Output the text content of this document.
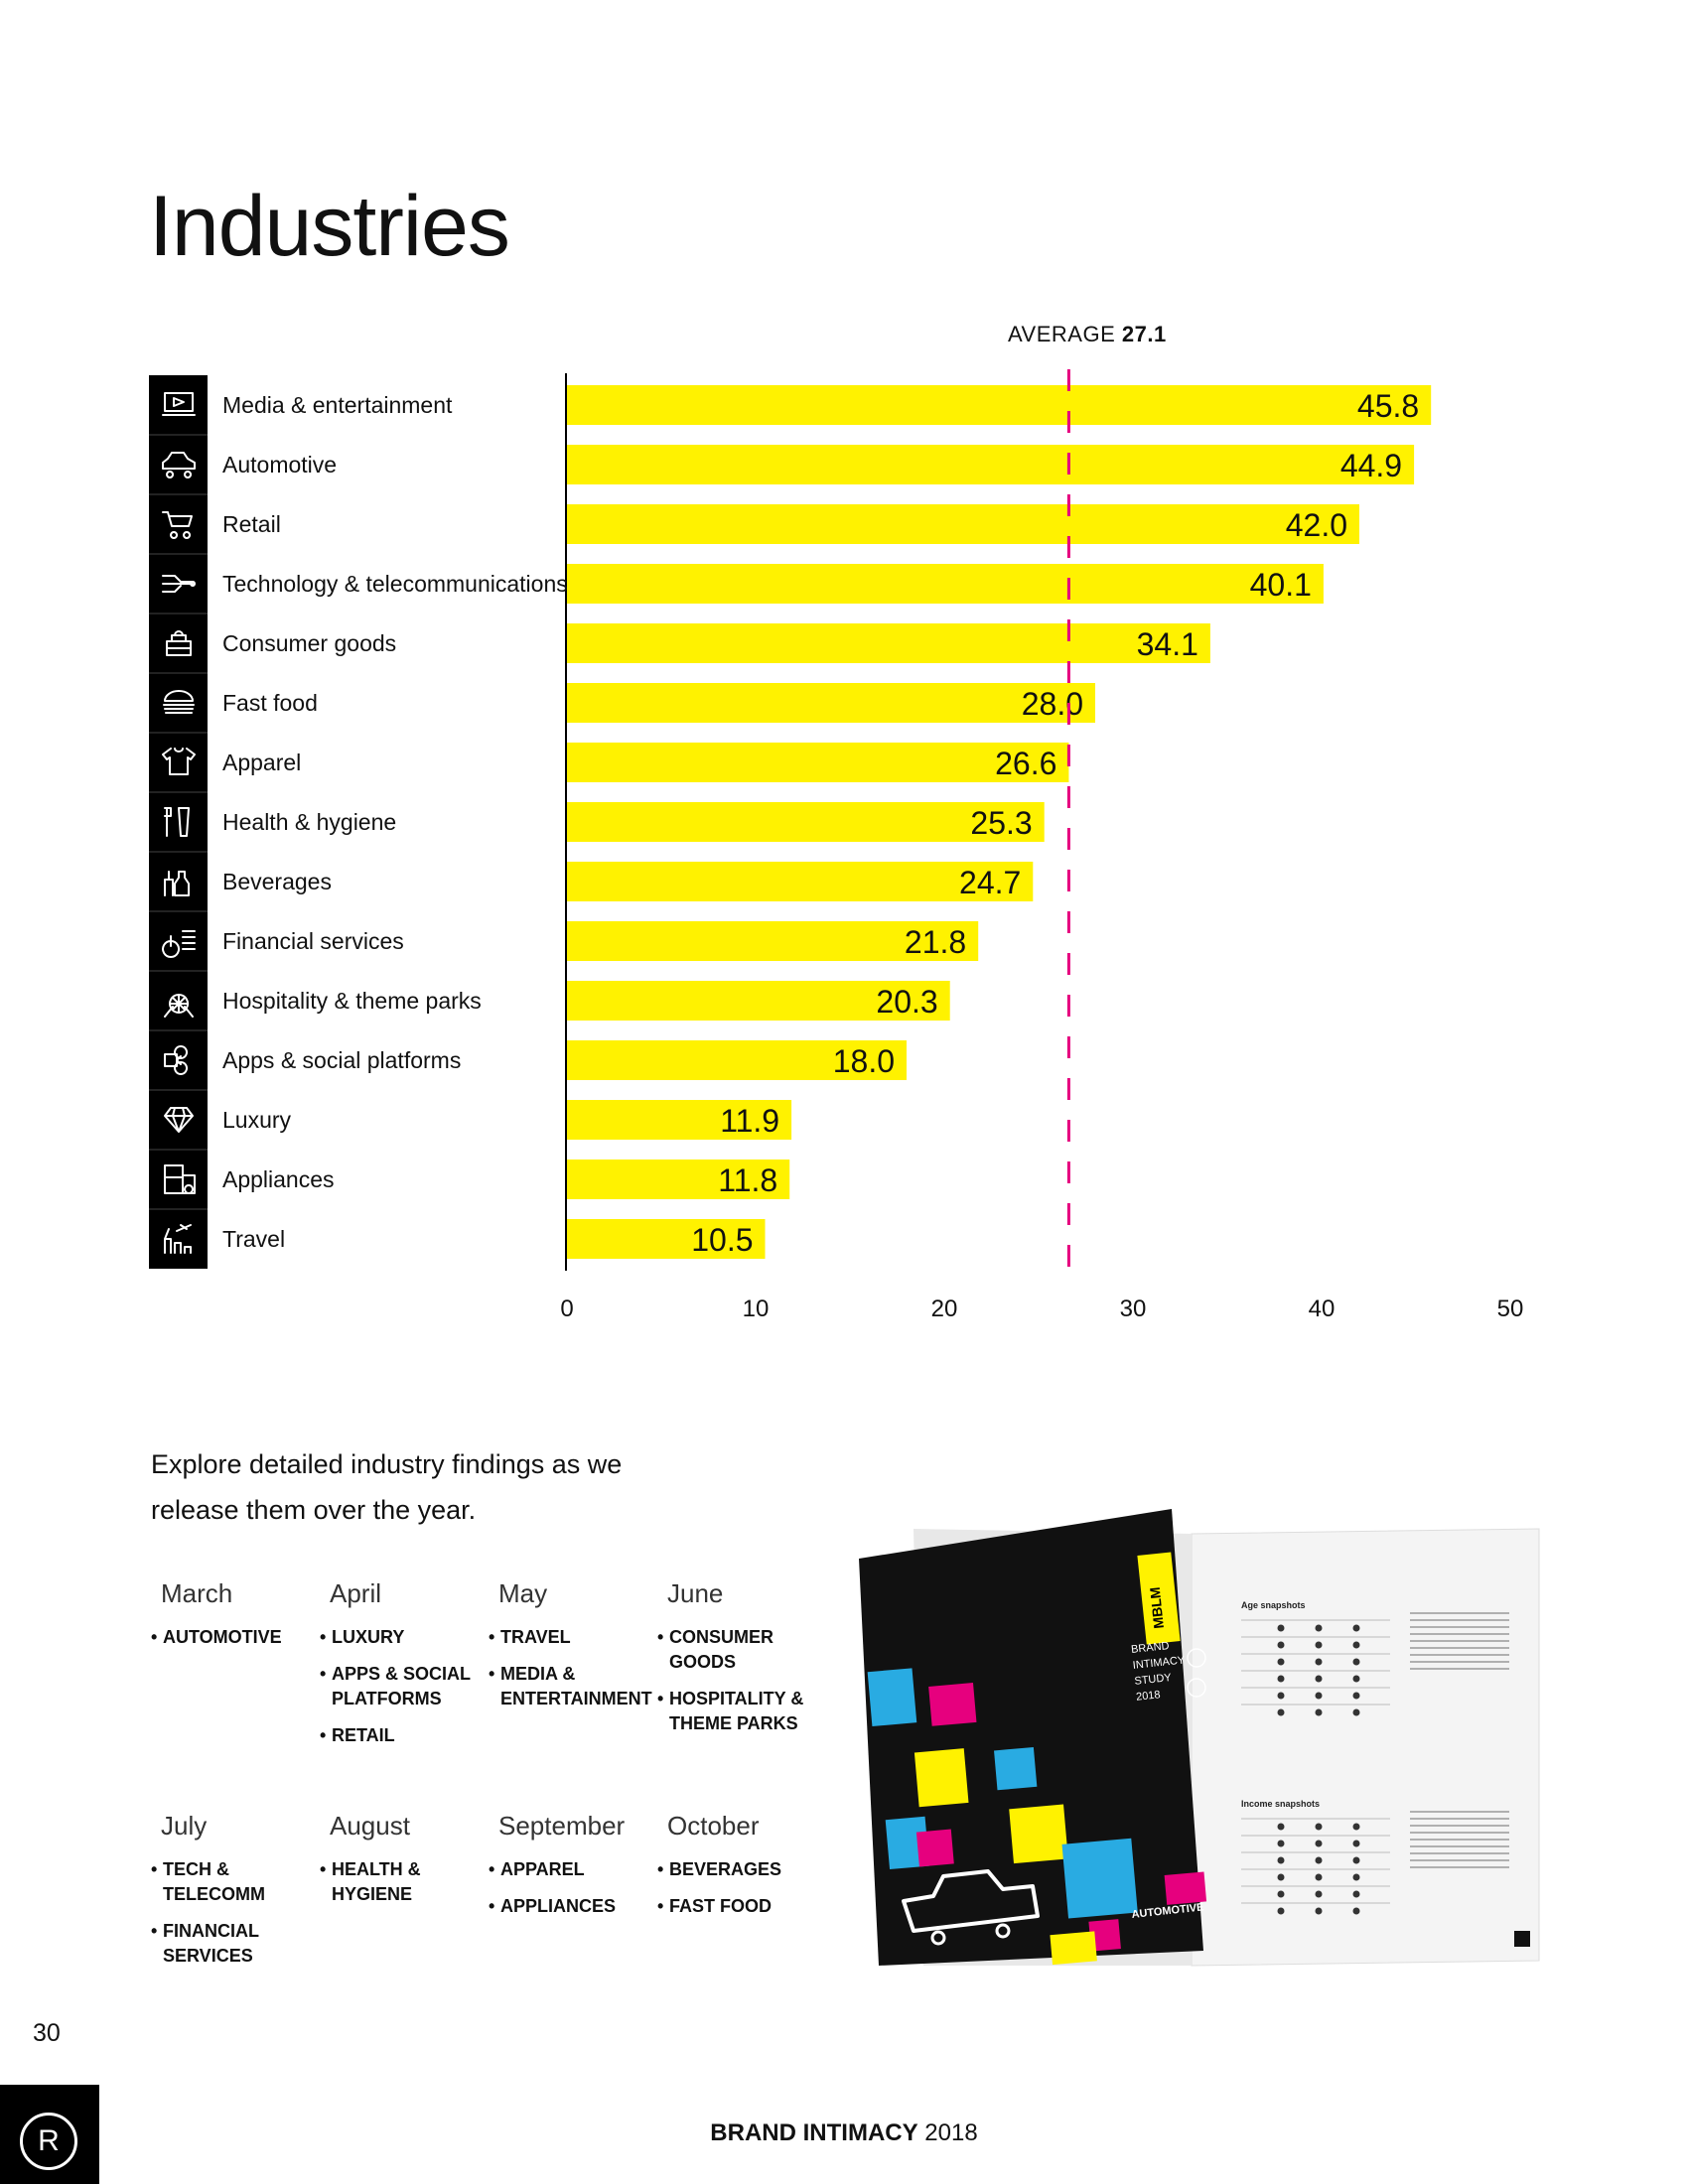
Industries
AVERAGE 27.1
Media & entertainment	45.8
Automotive	44.9
Retail	42.0
Technology & telecommunications	40.1
Consumer goods	34.1
Fast food	28.0
Apparel	26.6
Health & hygiene	25.3
Beverages	24.7
Financial services	21.8
Hospitality & theme parks	20.3
Apps & social platforms	18.0
Luxury	11.9
Appliances	11.8
Travel	10.5
0	10	20	30	40	50
Explore detailed industry findings as we release them over the year.
March
• AUTOMOTIVE
April
• LUXURY
• APPS & SOCIAL PLATFORMS
• RETAIL
May
• TRAVEL
• MEDIA & ENTERTAINMENT
June
• CONSUMER GOODS
• HOSPITALITY & THEME PARKS
July
• TECH & TELECOMM
• FINANCIAL SERVICES
August
• HEALTH & HYGIENE
September
• APPAREL
• APPLIANCES
October
• BEVERAGES
• FAST FOOD
MBLM
BRAND
INTIMACY
STUDY
2018
AUTOMOTIVE
Age snapshots
Income snapshots
30
R	BRAND INTIMACY 2018
